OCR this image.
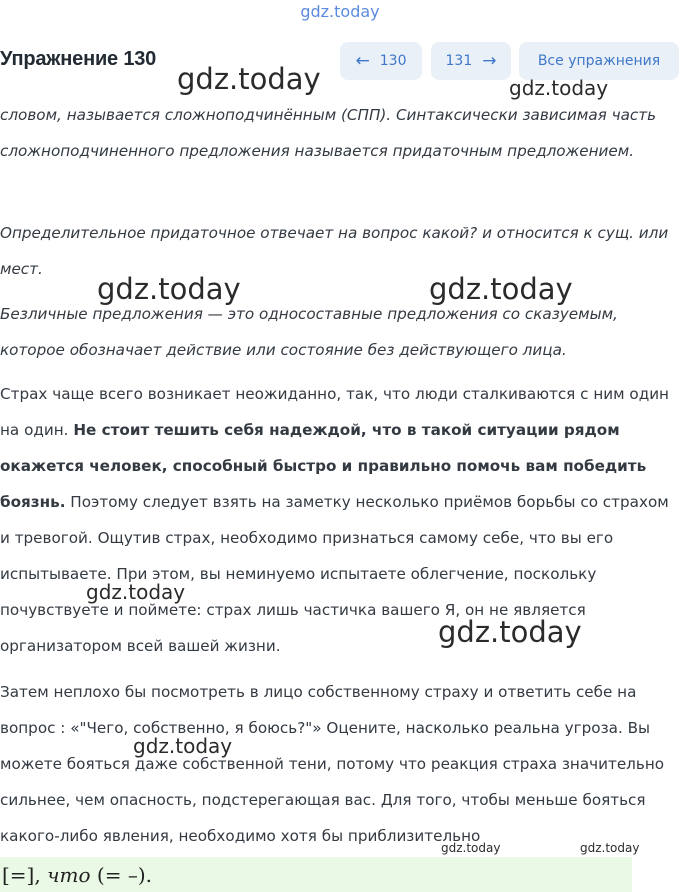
gdz.today
Упражнение 130	← 130	131 →	Все упражнения

словом, называется сложноподчинённым (СПП). Синтаксически зависимая часть сложноподчиненного предложения называется придаточным предложением.

Определительное придаточное отвечает на вопрос какой? и относится к сущ. или мест.

Безличные предложения — это односоставные предложения со сказуемым, которое обозначает действие или состояние без действующего лица.

Страх чаще всего возникает неожиданно, так, что люди сталкиваются с ним один на один. Не стоит тешить себя надеждой, что в такой ситуации рядом окажется человек, способный быстро и правильно помочь вам победить боязнь. Поэтому следует взять на заметку несколько приёмов борьбы со страхом и тревогой. Ощутив страх, необходимо признаться самому себе, что вы его испытываете. При этом, вы неминуемо испытаете облегчение, поскольку почувствуете и поймете: страх лишь частичка вашего Я, он не является организатором всей вашей жизни.

Затем неплохо бы посмотреть в лицо собственному страху и ответить себе на вопрос : «"Чего, собственно, я боюсь?"» Оцените, насколько реальна угроза. Вы можете бояться даже собственной тени, потому что реакция страха значительно сильнее, чем опасность, подстерегающая вас. Для того, чтобы меньше бояться какого-либо явления, необходимо хотя бы приблизительно

[=] ,
что
(= –).
gdz.today	gdz.today
gdz.today	gdz.today
gdz.today
gdz.today
gdz.today
gdz.today	gdz.today
